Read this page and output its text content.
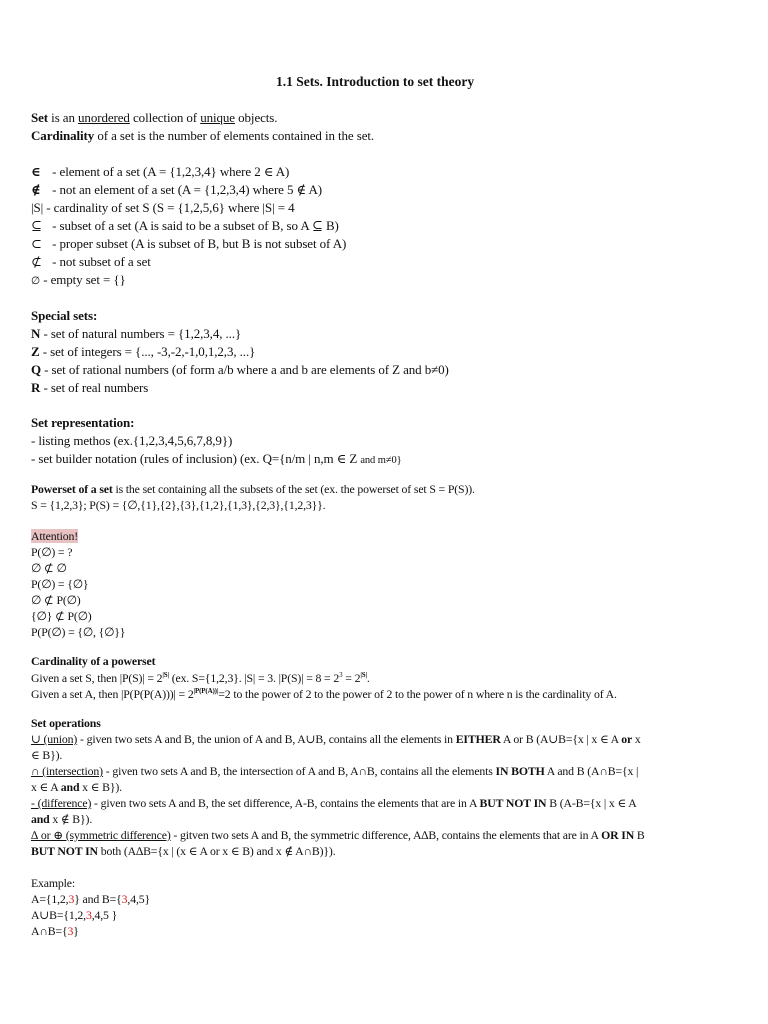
1.1 Sets. Introduction to set theory
Set is an unordered collection of unique objects.
Cardinality of a set is the number of elements contained in the set.
∈ - element of a set (A = {1,2,3,4} where 2 ∈ A)
∉ - not an element of a set (A = {1,2,3,4) where 5 ∉ A)
|S| - cardinality of set S (S = {1,2,5,6} where |S| = 4
⊆ - subset of a set (A is said to be a subset of B, so A ⊆ B)
⊂ - proper subset (A is subset of B, but B is not subset of A)
⊄ - not subset of a set
∅ - empty set = {}
Special sets:
N - set of natural numbers = {1,2,3,4, ...}
Z - set of integers = {..., -3,-2,-1,0,1,2,3, ...}
Q - set of rational numbers (of form a/b where a and b are elements of Z and b≠0)
R - set of real numbers
Set representation:
- listing methos (ex.{1,2,3,4,5,6,7,8,9})
- set builder notation (rules of inclusion) (ex. Q={n/m | n,m ∈ Z and m≠0}
Powerset of a set is the set containing all the subsets of the set (ex. the powerset of set S = P(S)).
S = {1,2,3}; P(S) = {∅,{1},{2},{3},{1,2},{1,3},{2,3},{1,2,3}}.
Attention!
P(∅) = ?
∅ ⊄ ∅
P(∅) = {∅}
∅ ⊄ P(∅)
{∅} ⊄ P(∅)
P(P(∅) = {∅, {∅}}
Cardinality of a powerset
Given a set S, then $|P(S)| = 2^{|S|}$ (ex. S={1,2,3}. |S| = 3. $|P(S)| = 8 = 2^3 = 2^{|S|}$.
Given a set A, then $|P(P(P(A)))| = 2^{|P(P(A))|}=2$ to the power of 2 to the power of 2 to the power of n where n is the cardinality of A.
Set operations
∪ (union) - given two sets A and B, the union of A and B, A∪B, contains all the elements in EITHER A or B (A∪B={x | x ∈ A or x
∈ B}).
∩ (intersection) - given two sets A and B, the intersection of A and B, A∩B, contains all the elements IN BOTH A and B (A∩B={x |
x ∈ A and x ∈ B}).
- (difference) - given two sets A and B, the set difference, A-B, contains the elements that are in A BUT NOT IN B (A-B={x | x ∈ A
and x ∉ B}).
∆ or ⊕ (symmetric difference) - gitven two sets A and B, the symmetric difference, A∆B, contains the elements that are in A OR IN B
BUT NOT IN both (A∆B={x | (x ∈ A or x ∈ B) and x ∉ A∩B)}).
Example:
A={1,2,3} and B={3,4,5}
A∪B={1,2,3,4,5 }
A∩B={3}
